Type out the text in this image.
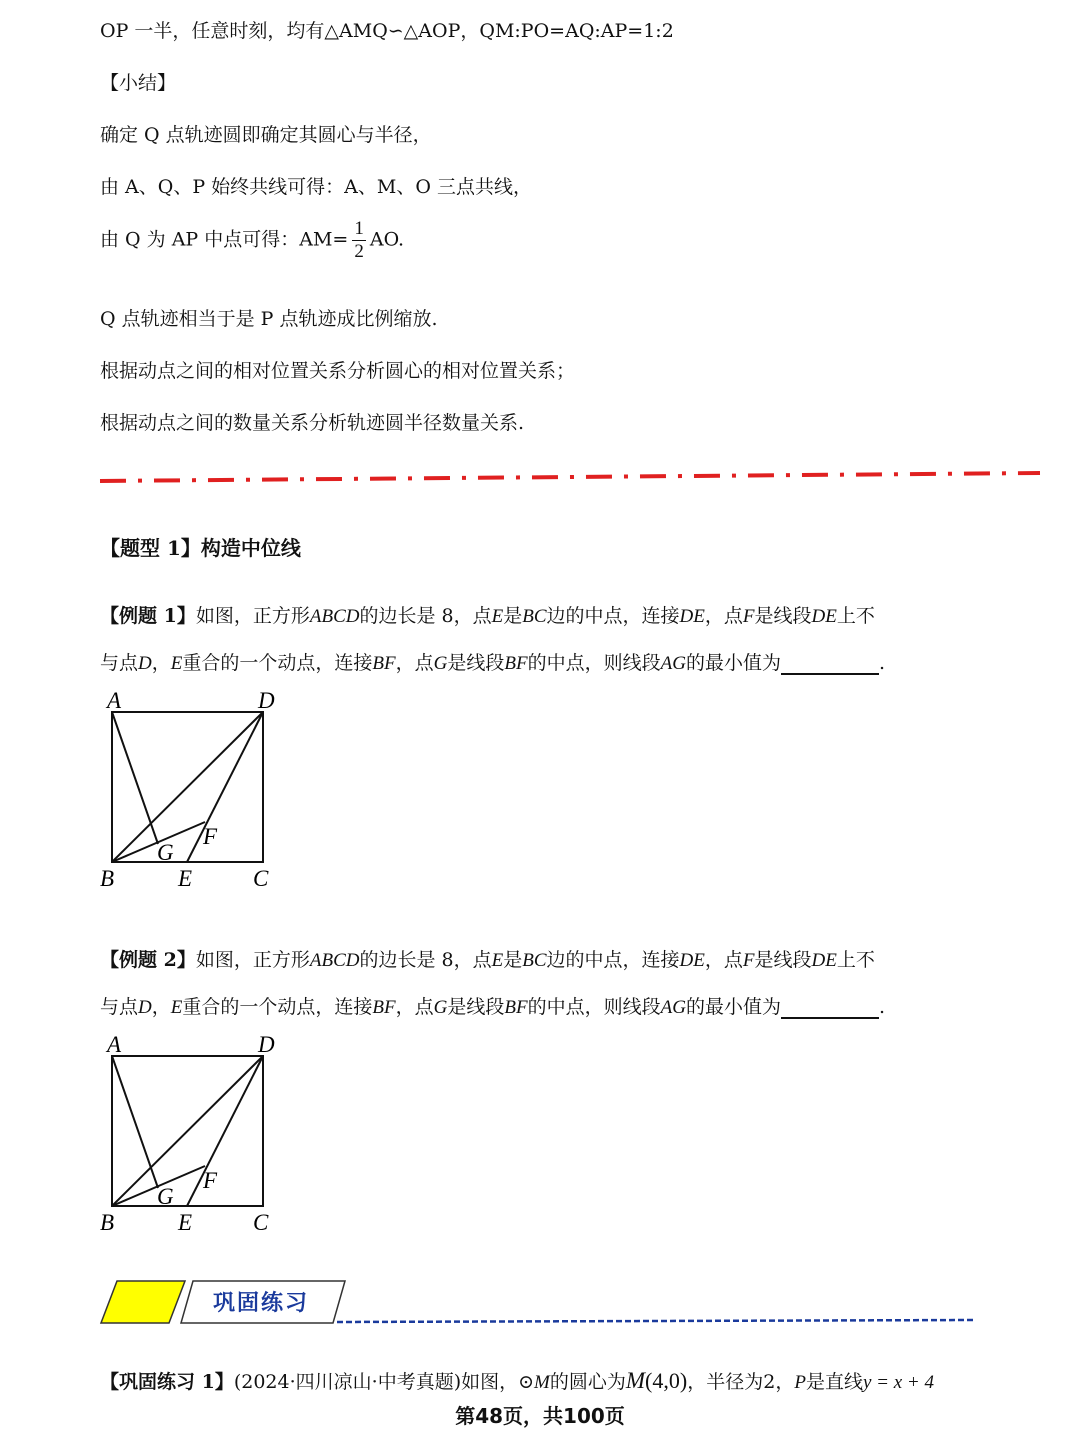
OP 一半，任意时刻，均有△AMQ∽△AOP，QM:PO=AQ:AP=1:2
【小结】
确定 Q 点轨迹圆即确定其圆心与半径，
由 A、Q、P 始终共线可得：A、M、O 三点共线，
由 Q 为 AP 中点可得：$AM= \frac{1}{2}$ AO.
Q 点轨迹相当于是 P 点轨迹成比例缩放.
根据动点之间的相对位置关系分析圆心的相对位置关系；
根据动点之间的数量关系分析轨迹圆半径数量关系.
【题型 1】构造中位线
【例题 1】如图，正方形ABCD的边长是 8，点E是BC边的中点，连接DE，点F是线段DE上不
与点D，E重合的一个动点，连接BF，点G是线段BF的中点，则线段AG的最小值为	.
A	D
B	E	C
F
G
【例题 2】如图，正方形ABCD的边长是 8，点E是BC边的中点，连接DE，点F是线段DE上不
与点D，E重合的一个动点，连接BF，点G是线段BF的中点，则线段AG的最小值为	.
A	D
B	E	C
F
G
巩固练习
【巩固练习 1】(2024·四川凉山·中考真题)如图，⊙M的圆心为M(4,0)，半径为2，P是直线y = x + 4
第48页，共100页
